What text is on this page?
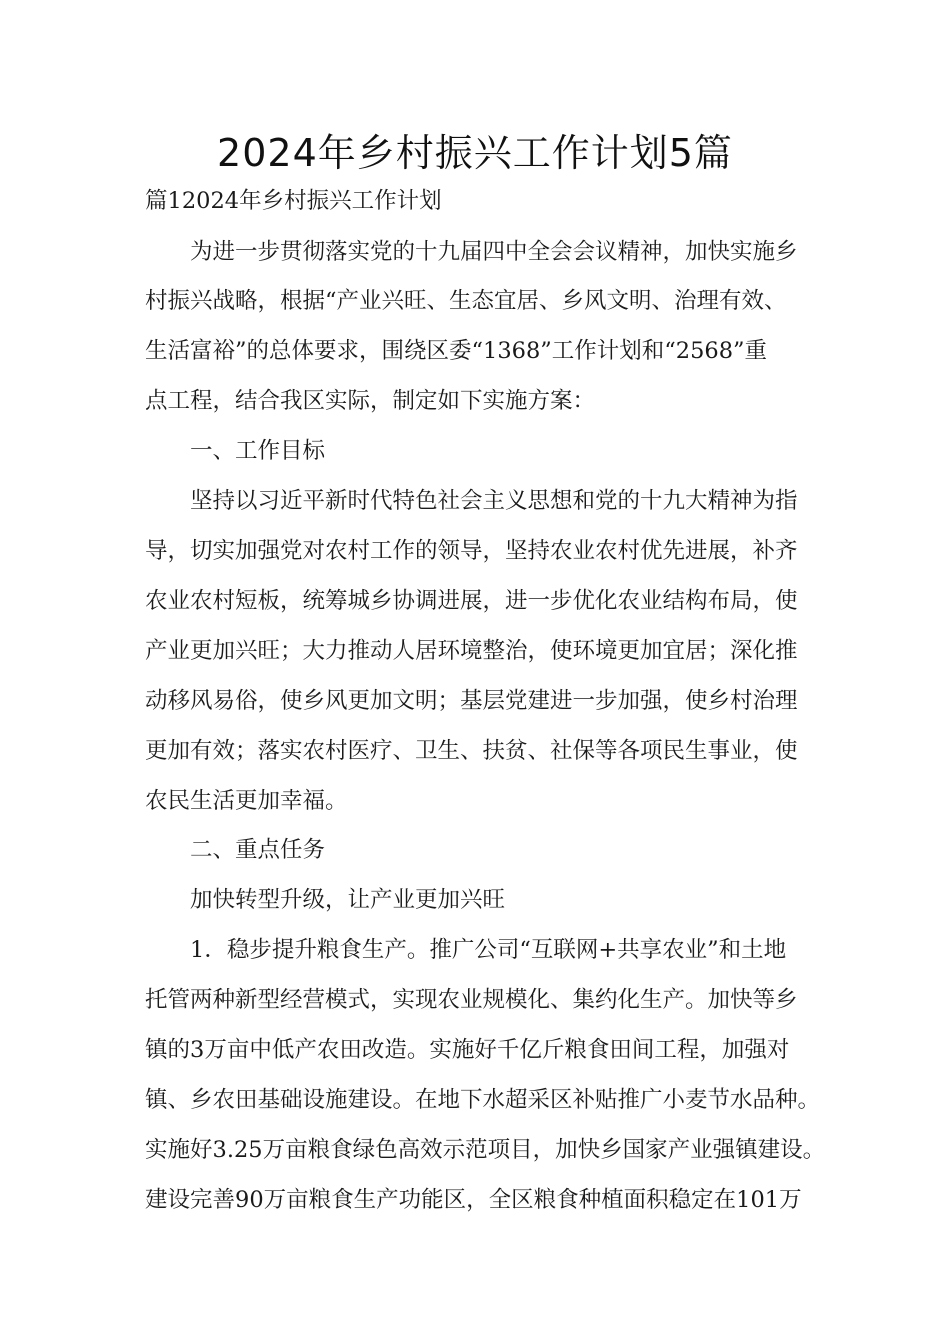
2024年乡村振兴工作计划5篇
篇12024年乡村振兴工作计划
为进一步贯彻落实党的十九届四中全会会议精神，加快实施乡
村振兴战略，根据“产业兴旺、生态宜居、乡风文明、治理有效、
生活富裕”的总体要求，围绕区委“1368”工作计划和“2568”重
点工程，结合我区实际，制定如下实施方案：
一、工作目标
坚持以习近平新时代特色社会主义思想和党的十九大精神为指
导，切实加强党对农村工作的领导，坚持农业农村优先进展，补齐
农业农村短板，统筹城乡协调进展，进一步优化农业结构布局，使
产业更加兴旺；大力推动人居环境整治，使环境更加宜居；深化推
动移风易俗，使乡风更加文明；基层党建进一步加强，使乡村治理
更加有效；落实农村医疗、卫生、扶贫、社保等各项民生事业，使
农民生活更加幸福。
二、重点任务
加快转型升级，让产业更加兴旺
1．稳步提升粮食生产。推广公司“互联网+共享农业”和土地
托管两种新型经营模式，实现农业规模化、集约化生产。加快等乡
镇的3万亩中低产农田改造。实施好千亿斤粮食田间工程，加强对
镇、乡农田基础设施建设。在地下水超采区补贴推广小麦节水品种。
实施好3.25万亩粮食绿色高效示范项目，加快乡国家产业强镇建设。
建设完善90万亩粮食生产功能区，全区粮食种植面积稳定在101万
